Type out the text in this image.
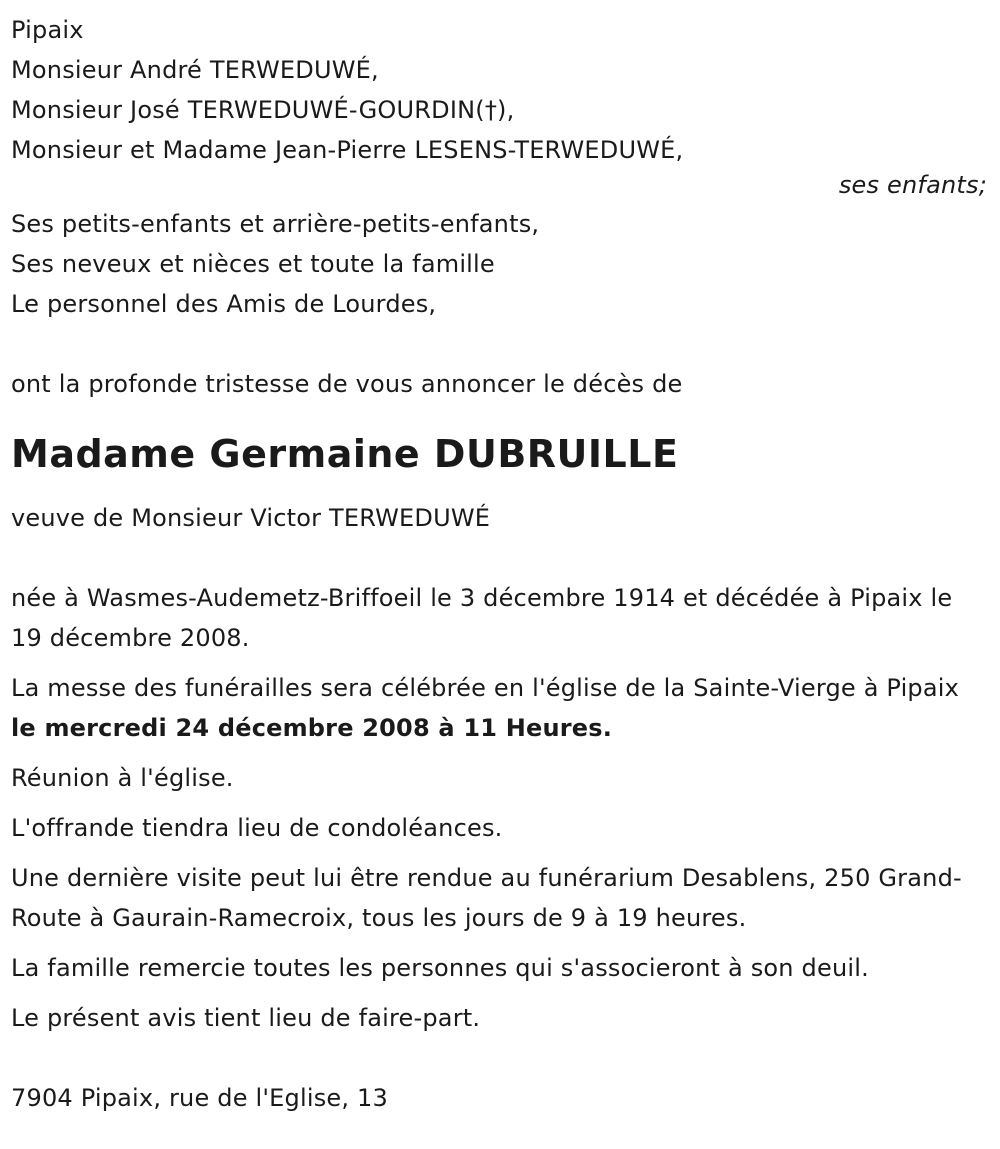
Pipaix
Monsieur André TERWEDUWÉ,
Monsieur José TERWEDUWÉ-GOURDIN(†),
Monsieur et Madame Jean-Pierre LESENS-TERWEDUWÉ,
ses enfants;
Ses petits-enfants et arrière-petits-enfants,
Ses neveux et nièces et toute la famille
Le personnel des Amis de Lourdes,
ont la profonde tristesse de vous annoncer le décès de
Madame Germaine DUBRUILLE
veuve de Monsieur Victor TERWEDUWÉ
née à Wasmes-Audemetz-Briffoeil le 3 décembre 1914 et décédée à Pipaix le 19 décembre 2008.
La messe des funérailles sera célébrée en l'église de la Sainte-Vierge à Pipaix le mercredi 24 décembre 2008 à 11 Heures.
Réunion à l'église.
L'offrande tiendra lieu de condoléances.
Une dernière visite peut lui être rendue au funérarium Desablens, 250 Grand-Route à Gaurain-Ramecroix, tous les jours de 9 à 19 heures.
La famille remercie toutes les personnes qui s'associeront à son deuil.
Le présent avis tient lieu de faire-part.
7904 Pipaix, rue de l'Eglise, 13
